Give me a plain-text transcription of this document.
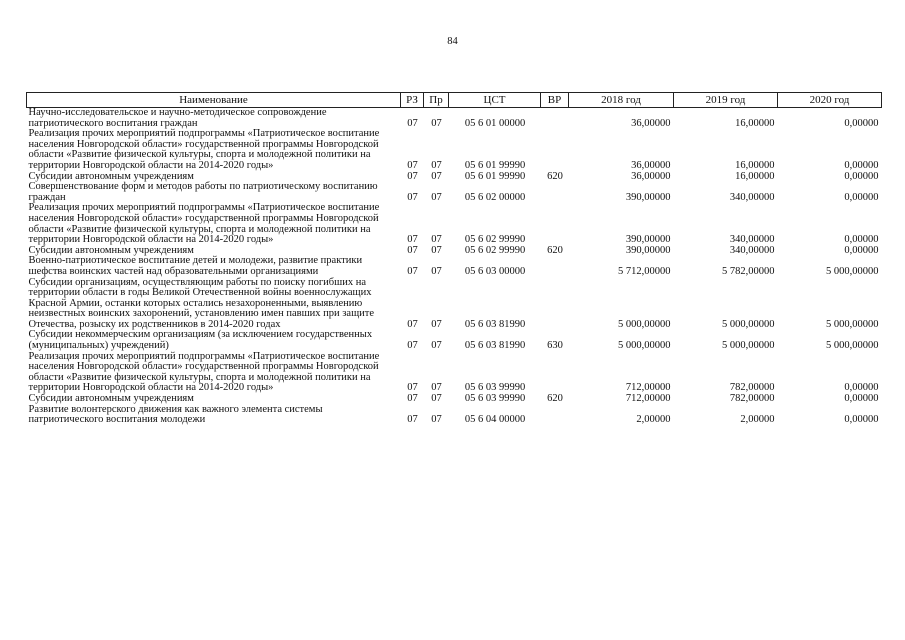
84
Наименование	РЗ	Пр	ЦСТ	ВР	2018 год	2019 год	2020 год
Научно-исследовательское и научно-методическое сопровождение патриотического воспитания граждан	07	07	05 6 01 00000		36,00000	16,00000	0,00000
Реализация прочих мероприятий подпрограммы «Патриотическое воспитание населения Новгородской области» государственной программы Новгородской области «Развитие физической культуры, спорта и молодежной политики на территории Новгородской области на 2014-2020 годы»	07	07	05 6 01 99990		36,00000	16,00000	0,00000
Субсидии автономным учреждениям	07	07	05 6 01 99990	620	36,00000	16,00000	0,00000
Совершенствование форм и методов работы по патриотическому воспитанию граждан	07	07	05 6 02 00000		390,00000	340,00000	0,00000
Реализация прочих мероприятий подпрограммы «Патриотическое воспитание населения Новгородской области» государственной программы Новгородской области «Развитие физической культуры, спорта и молодежной политики на территории Новгородской области на 2014-2020 годы»	07	07	05 6 02 99990		390,00000	340,00000	0,00000
Субсидии автономным учреждениям	07	07	05 6 02 99990	620	390,00000	340,00000	0,00000
Военно-патриотическое воспитание детей и молодежи, развитие практики шефства воинских частей над образовательными организациями	07	07	05 6 03 00000		5 712,00000	5 782,00000	5 000,00000
Субсидии организациям, осуществляющим работы по поиску погибших на территории области в годы Великой Отечественной войны военнослужащих Красной Армии, останки которых остались незахороненными, выявлению неизвестных воинских захоронений, установлению имен павших при защите Отечества, розыску их родственников в 2014-2020 годах	07	07	05 6 03 81990		5 000,00000	5 000,00000	5 000,00000
Субсидии некоммерческим организациям (за исключением государственных (муниципальных) учреждений)	07	07	05 6 03 81990	630	5 000,00000	5 000,00000	5 000,00000
Реализация прочих мероприятий подпрограммы «Патриотическое воспитание населения Новгородской области» государственной программы Новгородской области «Развитие физической культуры, спорта и молодежной политики на территории Новгородской области на 2014-2020 годы»	07	07	05 6 03 99990		712,00000	782,00000	0,00000
Субсидии автономным учреждениям	07	07	05 6 03 99990	620	712,00000	782,00000	0,00000
Развитие волонтерского движения как важного элемента системы патриотического воспитания молодежи	07	07	05 6 04 00000		2,00000	2,00000	0,00000
